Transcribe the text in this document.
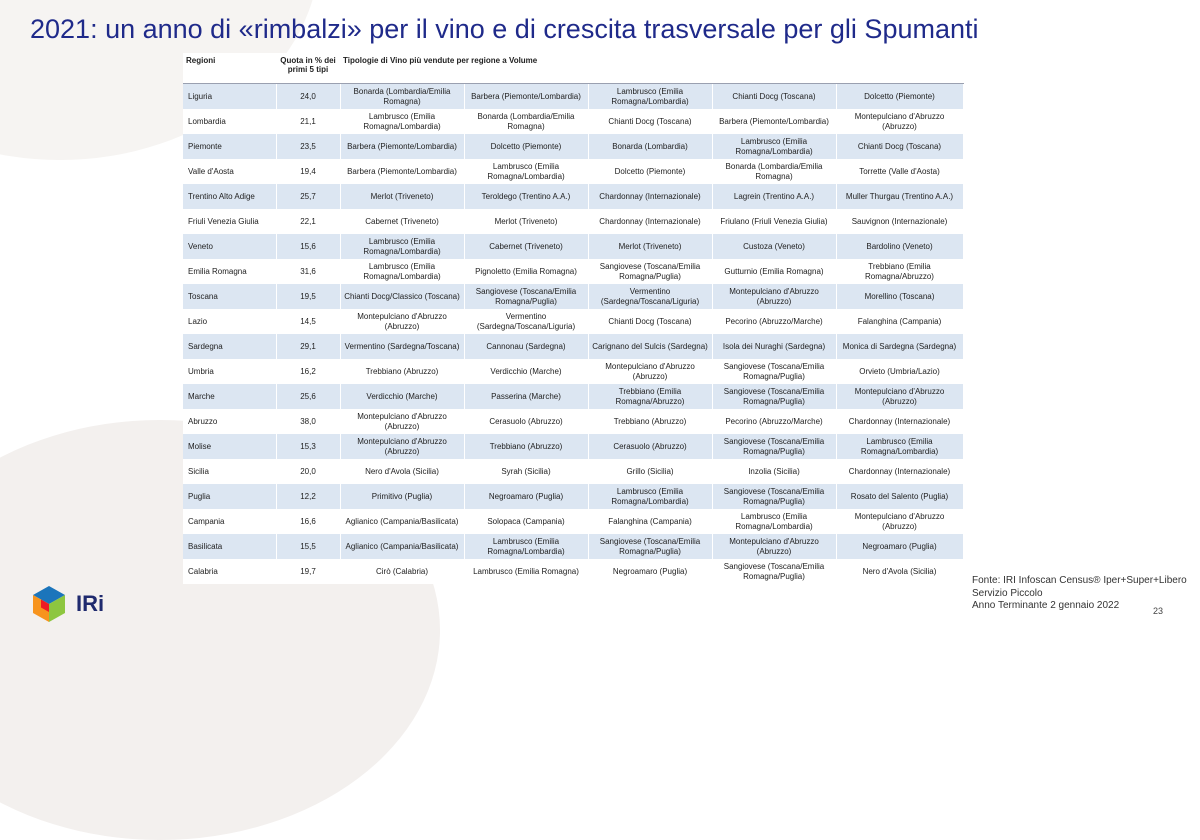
2021: un anno di «rimbalzi» per il vino e di crescita trasversale per gli Spumanti
Regioni	Quota in % dei primi 5 tipi	Tipologie di Vino più vendute per regione a Volume				
Liguria	24,0	Bonarda (Lombardia/Emilia Romagna)	Barbera (Piemonte/Lombardia)	Lambrusco (Emilia Romagna/Lombardia)	Chianti Docg (Toscana)	Dolcetto (Piemonte)
Lombardia	21,1	Lambrusco (Emilia Romagna/Lombardia)	Bonarda (Lombardia/Emilia Romagna)	Chianti Docg (Toscana)	Barbera (Piemonte/Lombardia)	Montepulciano d'Abruzzo (Abruzzo)
Piemonte	23,5	Barbera (Piemonte/Lombardia)	Dolcetto (Piemonte)	Bonarda (Lombardia)	Lambrusco (Emilia Romagna/Lombardia)	Chianti Docg (Toscana)
Valle d'Aosta	19,4	Barbera (Piemonte/Lombardia)	Lambrusco (Emilia Romagna/Lombardia)	Dolcetto (Piemonte)	Bonarda (Lombardia/Emilia Romagna)	Torrette (Valle d'Aosta)
Trentino Alto Adige	25,7	Merlot (Triveneto)	Teroldego (Trentino A.A.)	Chardonnay (Internazionale)	Lagrein (Trentino A.A.)	Muller Thurgau (Trentino A.A.)
Friuli Venezia Giulia	22,1	Cabernet (Triveneto)	Merlot (Triveneto)	Chardonnay (Internazionale)	Friulano (Friuli Venezia Giulia)	Sauvignon (Internazionale)
Veneto	15,6	Lambrusco (Emilia Romagna/Lombardia)	Cabernet (Triveneto)	Merlot (Triveneto)	Custoza (Veneto)	Bardolino (Veneto)
Emilia Romagna	31,6	Lambrusco (Emilia Romagna/Lombardia)	Pignoletto (Emilia Romagna)	Sangiovese (Toscana/Emilia Romagna/Puglia)	Gutturnio (Emilia Romagna)	Trebbiano (Emilia Romagna/Abruzzo)
Toscana	19,5	Chianti Docg/Classico (Toscana)	Sangiovese (Toscana/Emilia Romagna/Puglia)	Vermentino (Sardegna/Toscana/Liguria)	Montepulciano d'Abruzzo (Abruzzo)	Morellino (Toscana)
Lazio	14,5	Montepulciano d'Abruzzo (Abruzzo)	Vermentino (Sardegna/Toscana/Liguria)	Chianti Docg (Toscana)	Pecorino (Abruzzo/Marche)	Falanghina (Campania)
Sardegna	29,1	Vermentino (Sardegna/Toscana)	Cannonau (Sardegna)	Carignano del Sulcis (Sardegna)	Isola dei Nuraghi (Sardegna)	Monica di Sardegna (Sardegna)
Umbria	16,2	Trebbiano (Abruzzo)	Verdicchio (Marche)	Montepulciano d'Abruzzo (Abruzzo)	Sangiovese (Toscana/Emilia Romagna/Puglia)	Orvieto (Umbria/Lazio)
Marche	25,6	Verdicchio (Marche)	Passerina (Marche)	Trebbiano (Emilia Romagna/Abruzzo)	Sangiovese (Toscana/Emilia Romagna/Puglia)	Montepulciano d'Abruzzo (Abruzzo)
Abruzzo	38,0	Montepulciano d'Abruzzo (Abruzzo)	Cerasuolo (Abruzzo)	Trebbiano (Abruzzo)	Pecorino (Abruzzo/Marche)	Chardonnay (Internazionale)
Molise	15,3	Montepulciano d'Abruzzo (Abruzzo)	Trebbiano (Abruzzo)	Cerasuolo (Abruzzo)	Sangiovese (Toscana/Emilia Romagna/Puglia)	Lambrusco (Emilia Romagna/Lombardia)
Sicilia	20,0	Nero d'Avola (Sicilia)	Syrah (Sicilia)	Grillo (Sicilia)	Inzolia (Sicilia)	Chardonnay (Internazionale)
Puglia	12,2	Primitivo (Puglia)	Negroamaro (Puglia)	Lambrusco (Emilia Romagna/Lombardia)	Sangiovese (Toscana/Emilia Romagna/Puglia)	Rosato del Salento (Puglia)
Campania	16,6	Aglianico (Campania/Basilicata)	Solopaca (Campania)	Falanghina (Campania)	Lambrusco (Emilia Romagna/Lombardia)	Montepulciano d'Abruzzo (Abruzzo)
Basilicata	15,5	Aglianico (Campania/Basilicata)	Lambrusco (Emilia Romagna/Lombardia)	Sangiovese (Toscana/Emilia Romagna/Puglia)	Montepulciano d'Abruzzo (Abruzzo)	Negroamaro (Puglia)
Calabria	19,7	Cirò (Calabria)	Lambrusco (Emilia Romagna)	Negroamaro (Puglia)	Sangiovese (Toscana/Emilia Romagna/Puglia)	Nero d'Avola (Sicilia)
Fonte: IRI Infoscan Census® Iper+Super+Libero
Servizio Piccolo
Anno Terminante 2 gennaio 2022	23
IRi
